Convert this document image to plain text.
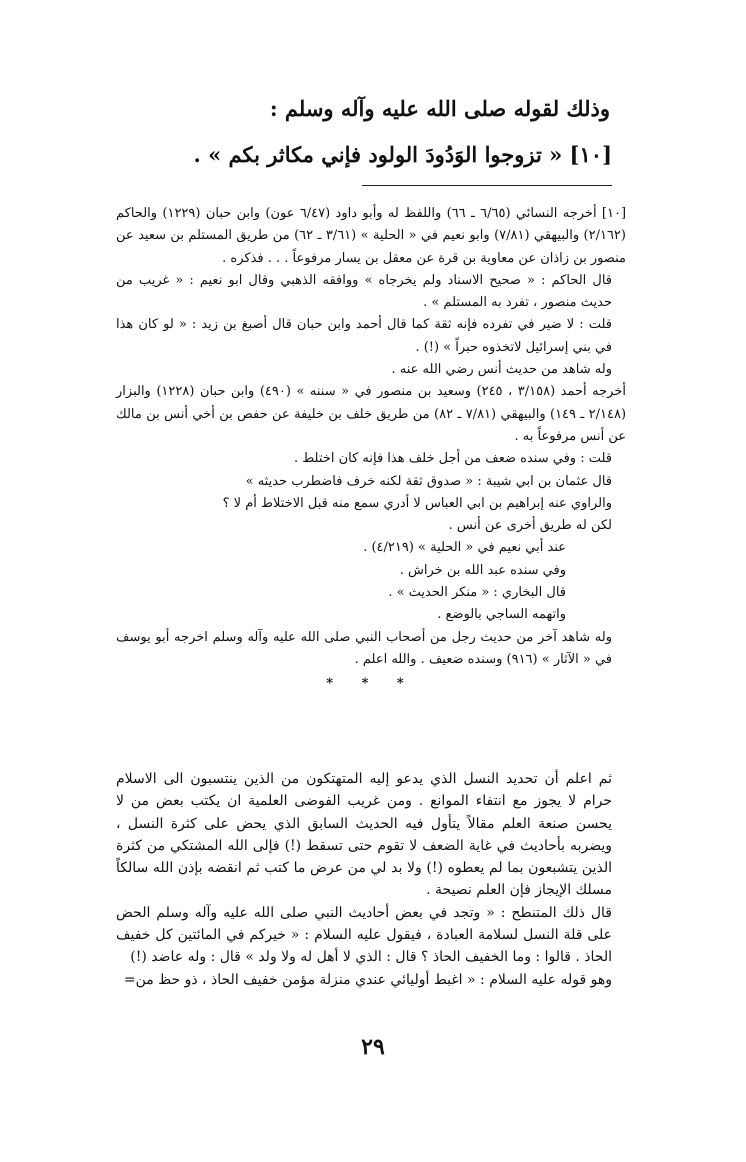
وذلك لقوله صلى الله عليه وآله وسلم :
[١٠] « تزوجوا الوَدُودَ الولود فإني مكاثر بكم » .

[١٠] أخرجه النسائي (٦/٦٥ ـ ٦٦) واللفظ له وأبو داود (٦/٤٧ عون) وابن حبان (١٢٢٩) والحاكم (٢/١٦٢) والبيهقي (٧/٨١) وابو نعيم في « الحلية » (٣/٦١ ـ ٦٢) من طريق المستلم بن سعيد عن منصور بن زاذان عن معاوية بن قرة عن معقل بن يسار مرفوعاً . . . فذكره .

قال الحاكم : « صحيح الاسناد ولم يخرجاه » ووافقه الذهبي وقال ابو نعيم : « غريب من حديث منصور ، تفرد به المستلم » .

قلت : لا ضير في تفرده فإنه ثقة كما قال أحمد وابن حبان قال أصبغ بن زيد : « لو كان هذا في بني إسرائيل لاتخذوه حبراً » (!) .

وله شاهد من حديث أنس رضي الله عنه .

أخرجه أحمد (٣/١٥٨ ، ٢٤٥) وسعيد بن منصور في « سننه » (٤٩٠) وابن حبان (١٢٢٨) والبزار (٢/١٤٨ ـ ١٤٩) والبيهقي (٧/٨١ ـ ٨٢) من طريق خلف بن خليفة عن حفص بن أخي أنس بن مالك عن أنس مرفوعاً به .

قلت : وفي سنده ضعف من أجل خلف هذا فإنه كان اختلط .

قال عثمان بن ابي شيبة : « صدوق ثقة لكنه خرف فاضطرب حديثه »

والراوي عنه إبراهيم بن ابي العباس لا أدري سمع منه قبل الاختلاط أم لا ؟

لكن له طريق أخرى عن أنس .

عند أبي نعيم في « الحلية » (٤/٢١٩) .

وفي سنده عبد الله بن خراش .

قال البخاري : « منكر الحديث » .

واتهمه الساجي بالوضع .

وله شاهد آخر من حديث رجل من أصحاب النبي صلى الله عليه وآله وسلم اخرجه أبو يوسف في « الآثار » (٩١٦) وسنده ضعيف . والله اعلم .

* * *

ثم اعلم أن تحديد النسل الذي يدعو إليه المتهتكون من الذين ينتسبون الى الاسلام حرام لا يجوز مع انتفاء الموانع . ومن غريب الفوضى العلمية ان يكتب بعض من لا يحسن صنعة العلم مقالاً يتأول فيه الحديث السابق الذي يحض على كثرة النسل ، ويضربه بأحاديث في غاية الضعف لا تقوم حتى تسقط (!) فإلى الله المشتكي من كثرة الذين يتشبعون بما لم يعطوه (!) ولا بد لي من عرض ما كتب ثم انقضه بإذن الله سالكاً مسلك الإيجاز فإن العلم نصيحة .

قال ذلك المتنطح : « وتجد في بعض أحاديث النبي صلى الله عليه وآله وسلم الحض على قلة النسل لسلامة العبادة ، فيقول عليه السلام : « خيركم في المائتين كل خفيف الحاذ . قالوا : وما الخفيف الحاذ ؟ قال : الذي لا أهل له ولا ولد » قال : وله عاضد (!)

وهو قوله عليه السلام : « اغبط أوليائي عندي منزلة مؤمن خفيف الحاذ ، ذو حظ من=

٢٩
